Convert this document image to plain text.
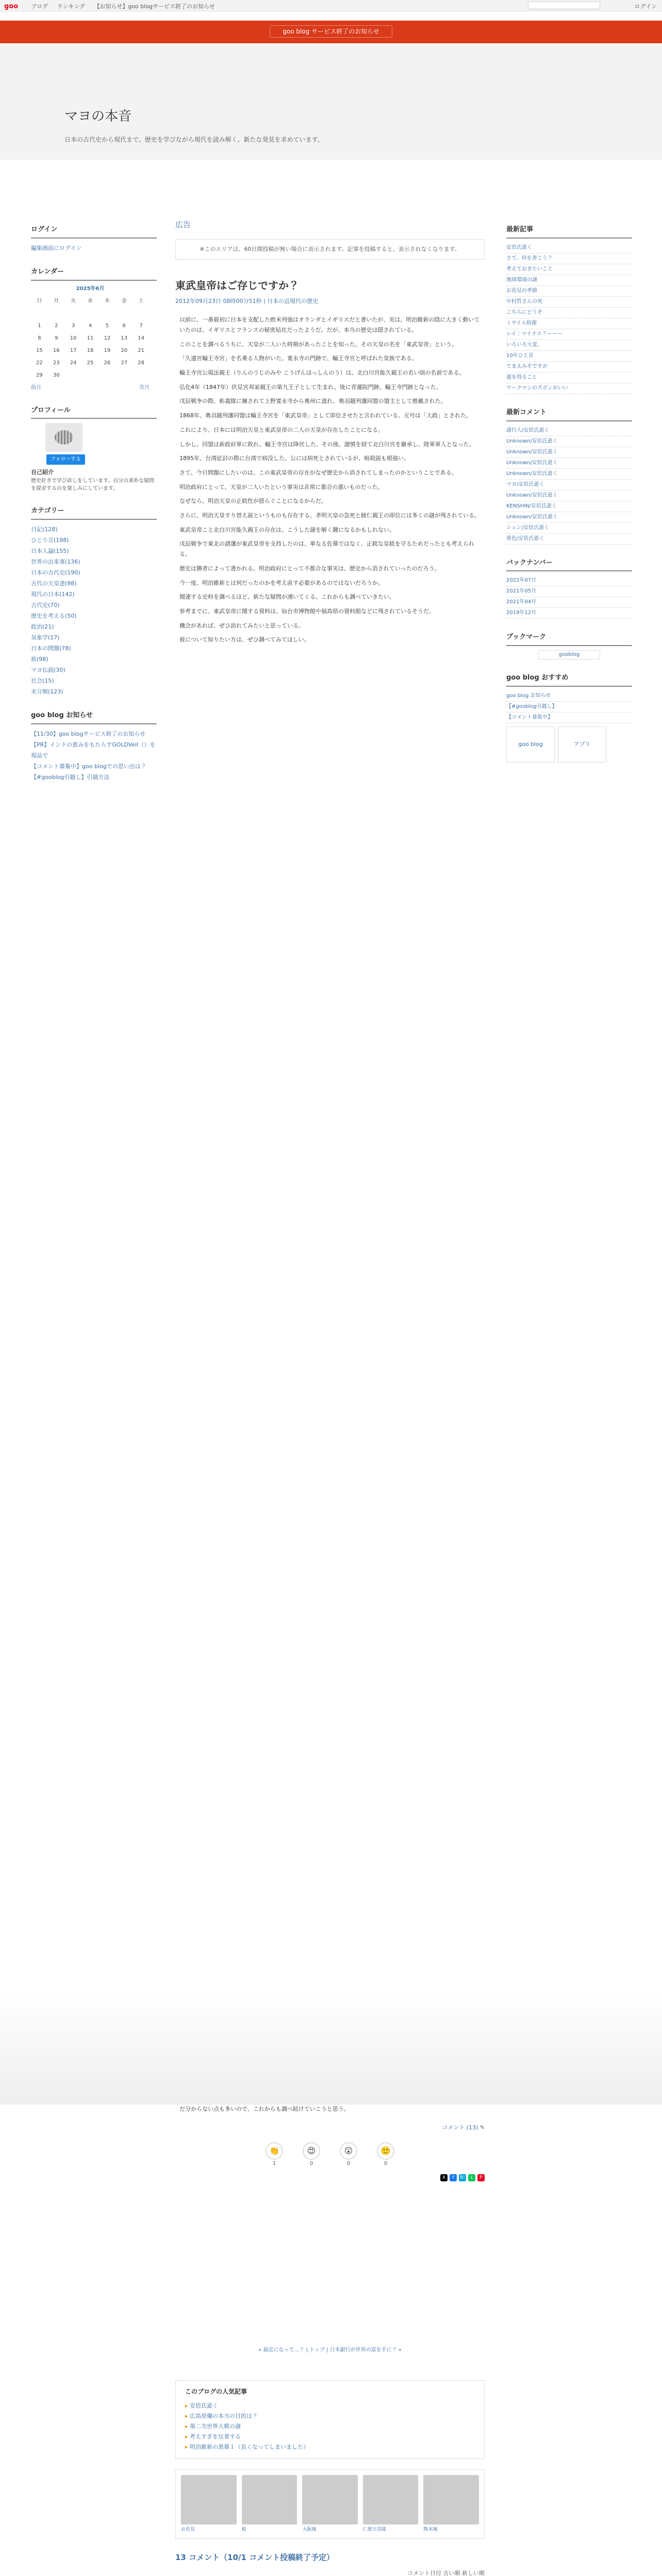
goo ブログ ランキング 【お知らせ】goo blogサービス終了のお知らせ	ログイン
goo blog サービス終了のお知らせ
マヨの本音
日本の古代史から現代まで、歴史を学びながら現代を読み解く、新たな発見を求めています。
ログイン
編集画面にログイン
カレンダー
2025年6月
日	月	火	水	木	金	土
1	2	3	4	5	6	7
8	9	10	11	12	13	14
15	16	17	18	19	20	21
22	23	24	25	26	27	28
29	30
前月	次月
プロフィール
フォローする
自己紹介
歴史好きで学び直しをしています。自分の素朴な疑問を探求するのを楽しみにしています。
カテゴリー
日記(128)
ひとり言(198)
日本人論(155)
世界の出来事(136)
日本の古代史(190)
古代の天皇達(98)
現代の日本(142)
古代史(70)
歴史を考える(50)
政治(21)
気象学(17)
日本の問題(78)
旅(98)
マヨ伝説(30)
社会(15)
未分類(123)
goo blog お知らせ
【11/30】goo blogサービス終了のお知らせ
【PR】インドの恵みをもたらすGOLDVeil（）を現品で
【コメント募集中】goo blogでの思い出は？
【#gooblog引越し】引越方法
広告
※このエリアは、60日間投稿が無い場合に表示されます。記事を投稿すると、表示されなくなります。
東武皇帝はご存じですか？
2012年09月23日 08時00分51秒 | 日本の近現代の歴史

以前に、一番最初に日本を支配した欧米列強はオランダとイギリスだと書いたが、実は、明治維新の陰に大きく動いていたのは、イギリスとフランスの秘密結社だったようだ。だが、本当の歴史は隠されている。

このことを調べるうちに、天皇が二人いた時期があったことを知った。その天皇の名を「東武皇帝」という。

「久遠宮輪王寺宮」を名乗る人物がいた。寛永寺の門跡で、輪王寺宮と呼ばれた皇族である。

輪王寺宮公現法親王（りんのうじのみや こうげんほっしんのう）は、北白川宮能久親王の若い頃の名前である。

弘化4年（1847年）伏見宮邦家親王の第九王子として生まれ、後に青蓮院門跡、輪王寺門跡となった。

戊辰戦争の際、彰義隊に擁されて上野寛永寺から奥州に逃れ、奥羽越列藩同盟の盟主として推戴された。

1868年、奥羽越列藩同盟は輪王寺宮を「東武皇帝」として即位させたと言われている。元号は「大政」とされた。

これにより、日本には明治天皇と東武皇帝の二人の天皇が存在したことになる。

しかし、同盟は新政府軍に敗れ、輪王寺宮は降伏した。その後、謹慎を経て北白川宮を継承し、陸軍軍人となった。

1895年、台湾征討の際に台湾で病没した。公には病死とされているが、暗殺説も根強い。

さて、今日問題にしたいのは、この東武皇帝の存在がなぜ歴史から消されてしまったのかということである。

明治政府にとって、天皇が二人いたという事実は非常に都合の悪いものだった。

なぜなら、明治天皇の正統性が揺らぐことになるからだ。

さらに、明治天皇すり替え説というものも存在する。孝明天皇の急死と睦仁親王の即位には多くの謎が残されている。

東武皇帝こと北白川宮能久親王の存在は、こうした謎を解く鍵になるかもしれない。

戊辰戦争で東北の諸藩が東武皇帝を支持したのは、単なる佐幕ではなく、正統な皇統を守るためだったとも考えられる。

歴史は勝者によって書かれる。明治政府にとって不都合な事実は、歴史から消されていったのだろう。

今一度、明治維新とは何だったのかを考え直す必要があるのではないだろうか。

関連する史料を調べるほど、新たな疑問が湧いてくる。これからも調べていきたい。

参考までに、東武皇帝に関する資料は、仙台市博物館や福島県の資料館などに残されているそうだ。

機会があれば、ぜひ訪れてみたいと思っている。

彼について知りたい方は、ぜひ調べてみてほしい。

だ分からない点も多いので、これからも調べ続けていこうと思う。

コメント (13) ✎
👏	😍	😲	🙂
1	0	0	0
X	f	B!	L	P
« 最近になって…？ | トップ | 日本銀行が世界の富を手に？ »
このブログの人気記事
▸ 安倍氏逝く
▸ 広島原爆の本当の目的は？
▸ 第二次世界大戦の謎
▸ 考えすぎを反省する
▸ 明治維新の黒幕１（長くなってしまいました）

お花見	桜	大阪城	仁徳天皇陵	熊本城

13 コメント（10/1 コメント投稿終了予定）
コメント日付 古い順 新しい順
最新記事
安倍氏逝く
さて、何を書こう？
考えておきたいこと
地球環境の謎
お花見の季節
中村哲さんの死
こちらにどうぞ
ミサイル防衛
レイ：マイナス？ーーー
いろいろ大変。
10年ひと昔
てまえみそですが
運を得ること
ワークマンのズボンがいい
最新コメント
通行人/安倍氏逝く
Unknown/安倍氏逝く
Unknown/安倍氏逝く
Unknown/安倍氏逝く
Unknown/安倍氏逝く
マヨ/安倍氏逝く
Unknown/安倍氏逝く
KENSHIN/安倍氏逝く
Unknown/安倍氏逝く
シュン/安倍氏逝く
黄色/安倍氏逝く
バックナンバー
2022年07月
2021年05月
2021年04月
2019年12月
ブックマーク
gooblog
goo blog おすすめ
goo blog お知らせ
【#gooblog引越し】
【コメント募集中】
goo blog	アプリ
